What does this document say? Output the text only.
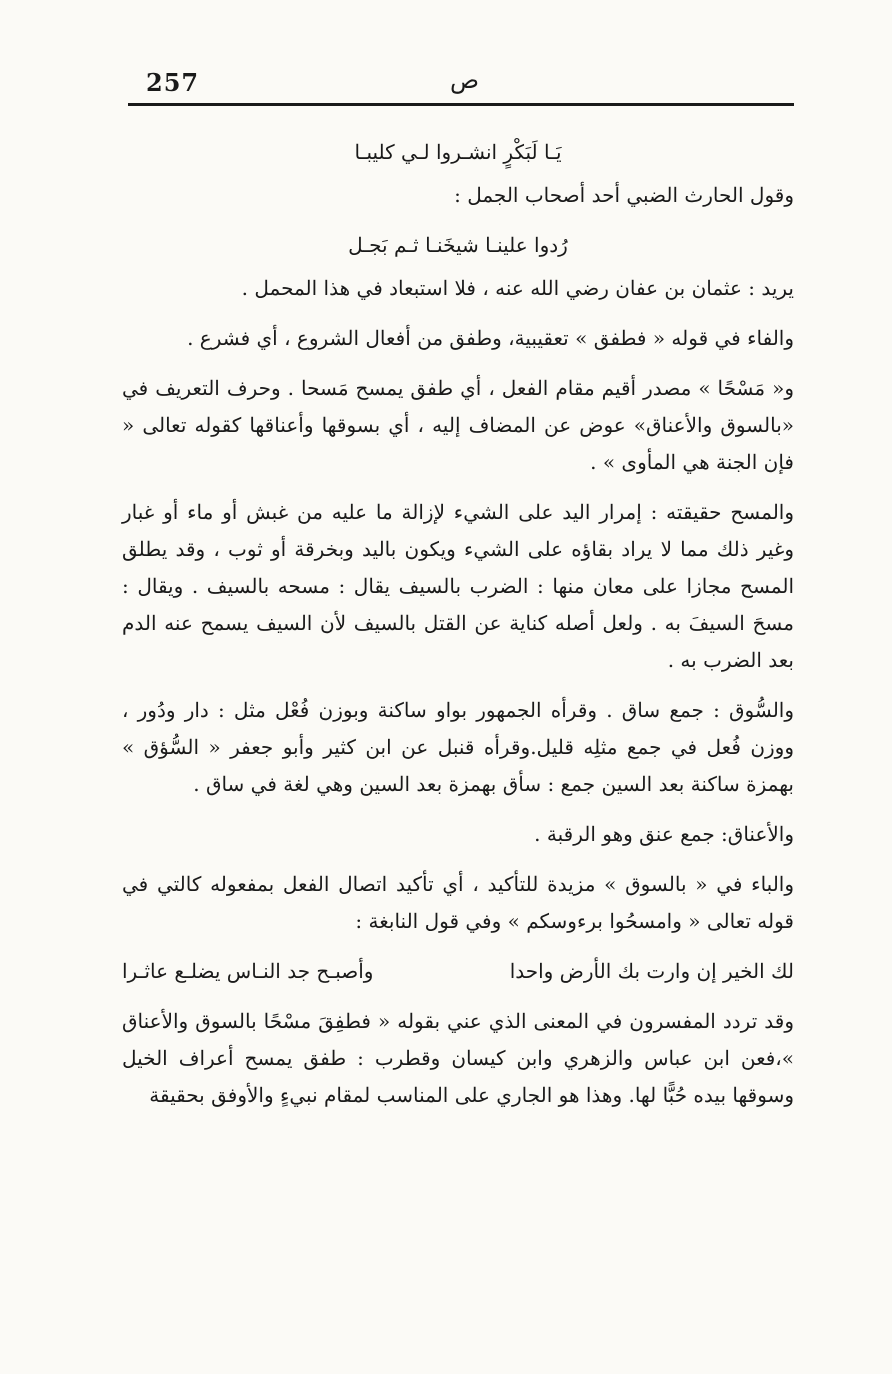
257	ص
يَـا لَبَكْرٍ انشـروا لـي كليبـا

وقول الحارث الضبي أحد أصحاب الجمل :

رُدوا علينـا شيخَنـا ثـم بَجـل

يريد : عثمان بن عفان رضي الله عنه ، فلا استبعاد في هذا المحمل .

والفاء في قوله « فطفق » تعقيبية، وطفق من أفعال الشروع ، أي فشرع .

و« مَسْحًا » مصدر أقيم مقام الفعل ، أي طفق يمسح مَسحا . وحرف التعريف في «بالسوق والأعناق» عوض عن المضاف إليه ، أي بسوقها وأعناقها كقوله تعالى « فإن الجنة هي المأوى » .

والمسح حقيقته : إمرار اليد على الشيء لإزالة ما عليه من غبش أو ماء أو غبار وغير ذلك مما لا يراد بقاؤه على الشيء ويكون باليد وبخرقة أو ثوب ، وقد يطلق المسح مجازا على معان منها : الضرب بالسيف يقال : مسحه بالسيف . ويقال : مسحَ السيفَ به . ولعل أصله كناية عن القتل بالسيف لأن السيف يسمح عنه الدم بعد الضرب به .

والسُّوق : جمع ساق . وقرأه الجمهور بواو ساكنة وبوزن فُعْل مثل : دار ودُور ، ووزن فُعل في جمع مثلِه قليل.وقرأه قنبل عن ابن كثير وأبو جعفر « السُّؤق » بهمزة ساكنة بعد السين جمع : سأق بهمزة بعد السين وهي لغة في ساق .

والأعناق: جمع عنق وهو الرقبة .

والباء في « بالسوق » مزيدة للتأكيد ، أي تأكيد اتصال الفعل بمفعوله كالتي في قوله تعالى « وامسحُوا برءوسكم » وفي قول النابغة :

لك الخير إن وارت بك الأرض واحدا
وأصبـح جد النـاس يضلـع عاثـرا

وقد تردد المفسرون في المعنى الذي عني بقوله « فطفِقَ مسْحًا بالسوق والأعناق »،فعن ابن عباس والزهري وابن كيسان وقطرب : طفق يمسح أعراف الخيل وسوقها بيده حُبًّا لها. وهذا هو الجاري على المناسب لمقام نبيءٍ والأوفق بحقيقة
